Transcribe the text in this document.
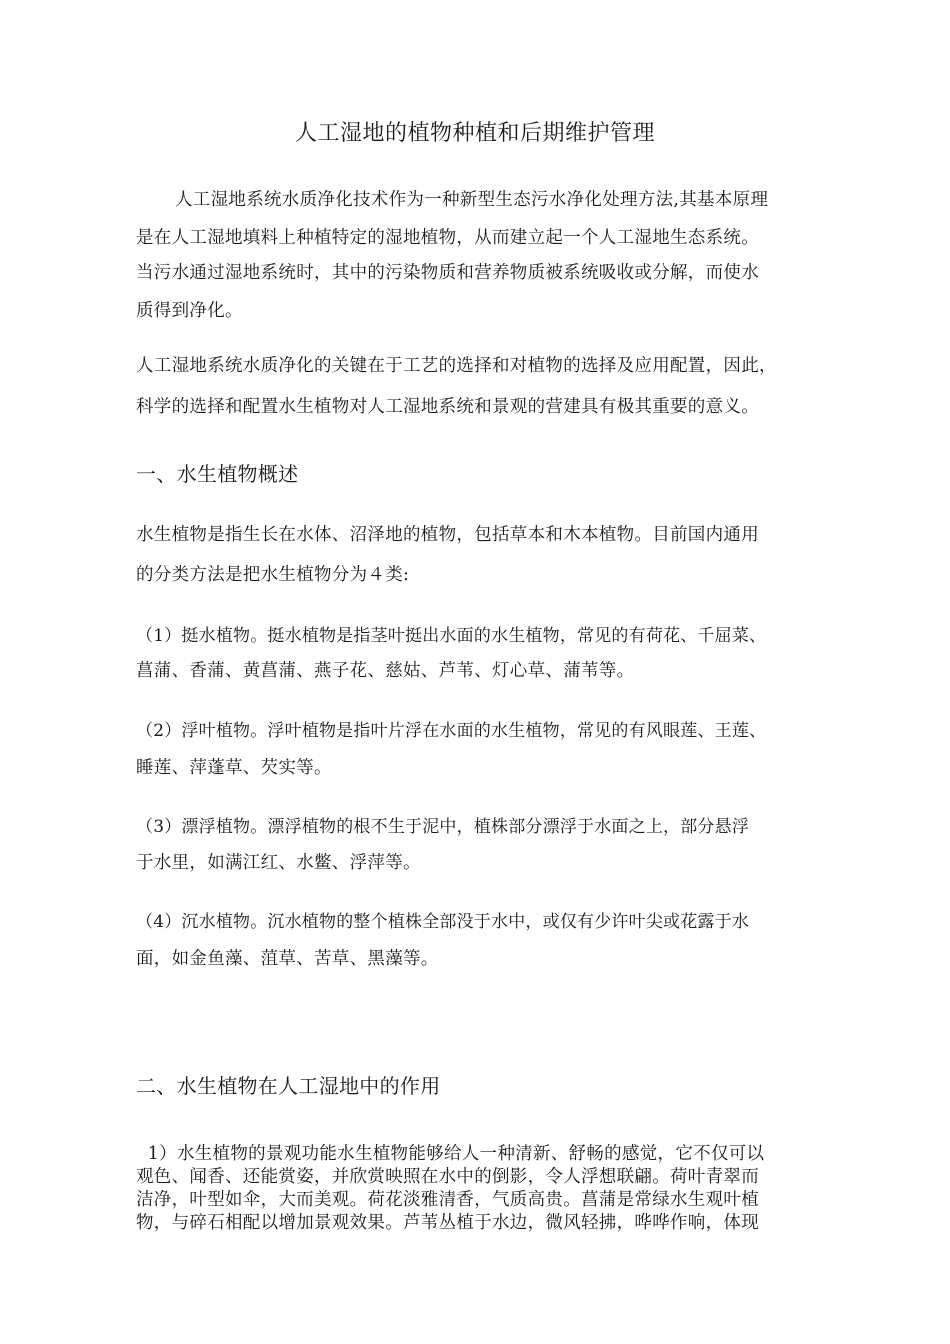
人工湿地的植物种植和后期维护管理
人工湿地系统水质净化技术作为一种新型生态污水净化处理方法,其基本原理
是在人工湿地填料上种植特定的湿地植物，从而建立起一个人工湿地生态系统。
当污水通过湿地系统时，其中的污染物质和营养物质被系统吸收或分解，而使水
质得到净化。
人工湿地系统水质净化的关键在于工艺的选择和对植物的选择及应用配置，因此，
科学的选择和配置水生植物对人工湿地系统和景观的营建具有极其重要的意义。
一、水生植物概述
水生植物是指生长在水体、沼泽地的植物，包括草本和木本植物。目前国内通用
的分类方法是把水生植物分为４类:
（1）挺水植物。挺水植物是指茎叶挺出水面的水生植物，常见的有荷花、千屈菜、
菖蒲、香蒲、黄菖蒲、燕子花、慈姑、芦苇、灯心草、蒲苇等。
（2）浮叶植物。浮叶植物是指叶片浮在水面的水生植物，常见的有风眼莲、王莲、
睡莲、萍蓬草、芡实等。
（3）漂浮植物。漂浮植物的根不生于泥中，植株部分漂浮于水面之上，部分悬浮
于水里，如满江红、水鳖、浮萍等。
（4）沉水植物。沉水植物的整个植株全部没于水中，或仅有少许叶尖或花露于水
面，如金鱼藻、菹草、苦草、黑藻等。
二、水生植物在人工湿地中的作用
1）水生植物的景观功能水生植物能够给人一种清新、舒畅的感觉，它不仅可以
观色、闻香、还能赏姿，并欣赏映照在水中的倒影，令人浮想联翩。荷叶青翠而
洁净，叶型如伞，大而美观。荷花淡雅清香，气质高贵。菖蒲是常绿水生观叶植
物，与碎石相配以增加景观效果。芦苇丛植于水边，微风轻拂，哗哗作响，体现
